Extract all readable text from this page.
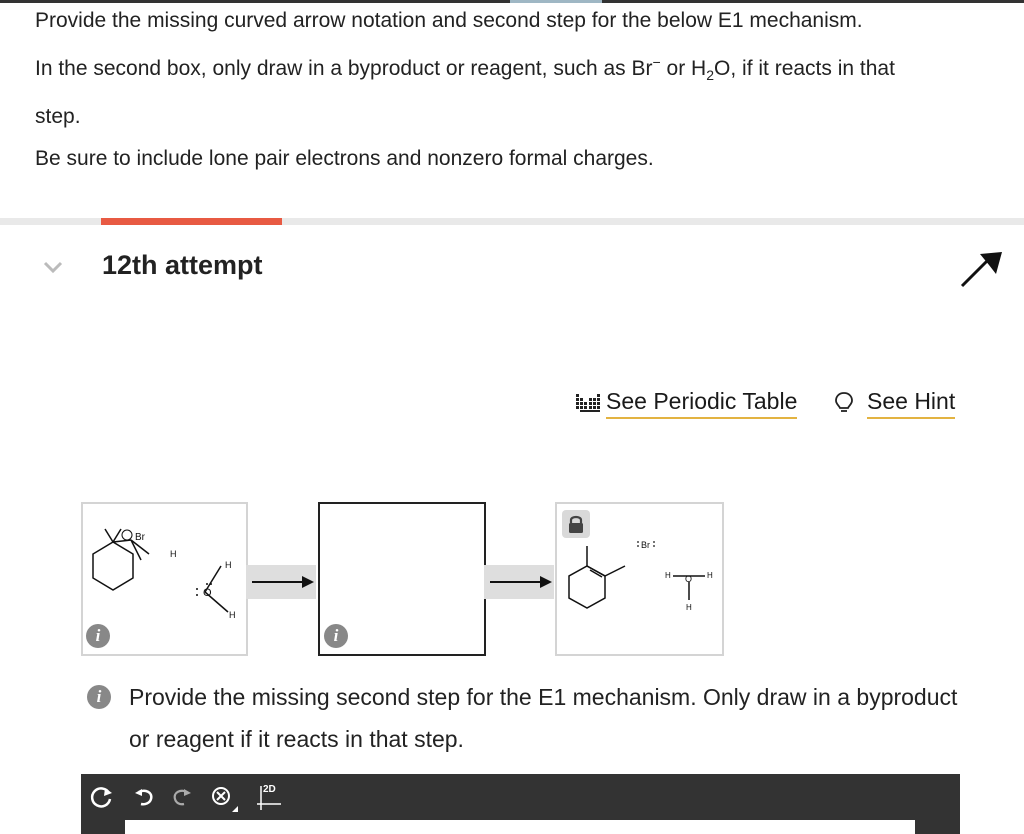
Provide the missing curved arrow notation and second step for the below E1 mechanism.

In the second box, only draw in a byproduct or reagent, such as Br− or $H_2O$, if it reacts in that

step.

Be sure to include lone pair electrons and nonzero formal charges.

12th attempt
See Periodic Table	See Hint
Br
H
O
H
H
i	i
Br
O
H	H
H
i	Provide the missing second step for the E1 mechanism. Only draw in a byproduct or reagent if it reacts in that step.
2D
